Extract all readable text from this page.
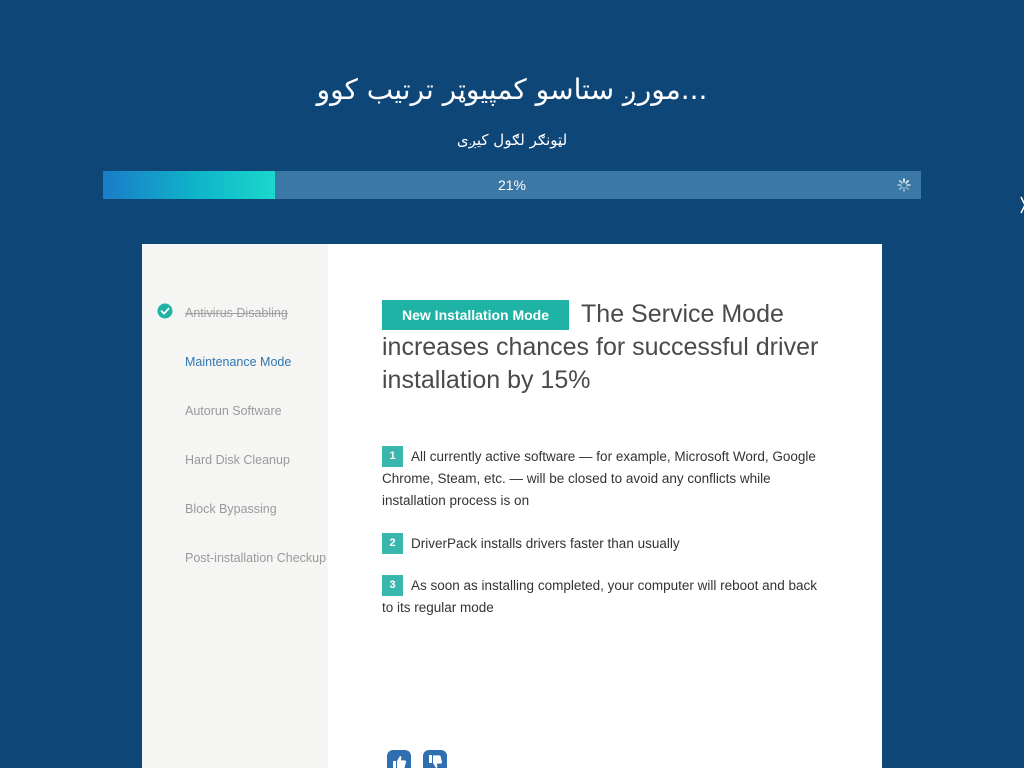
...مورږ ستاسو کمپیوټر ترتیب کوو
لټونګر لګول کیږی
21%
Antivirus Disabling
Maintenance Mode
Autorun Software
Hard Disk Cleanup
Block Bypassing
Post-installation Checkup
New Installation Mode The Service Mode increases chances for successful driver installation by 15%
1 All currently active software — for example, Microsoft Word, Google Chrome, Steam, etc. — will be closed to avoid any conflicts while installation process is on
2 DriverPack installs drivers faster than usually
3 As soon as installing completed, your computer will reboot and back to its regular mode
